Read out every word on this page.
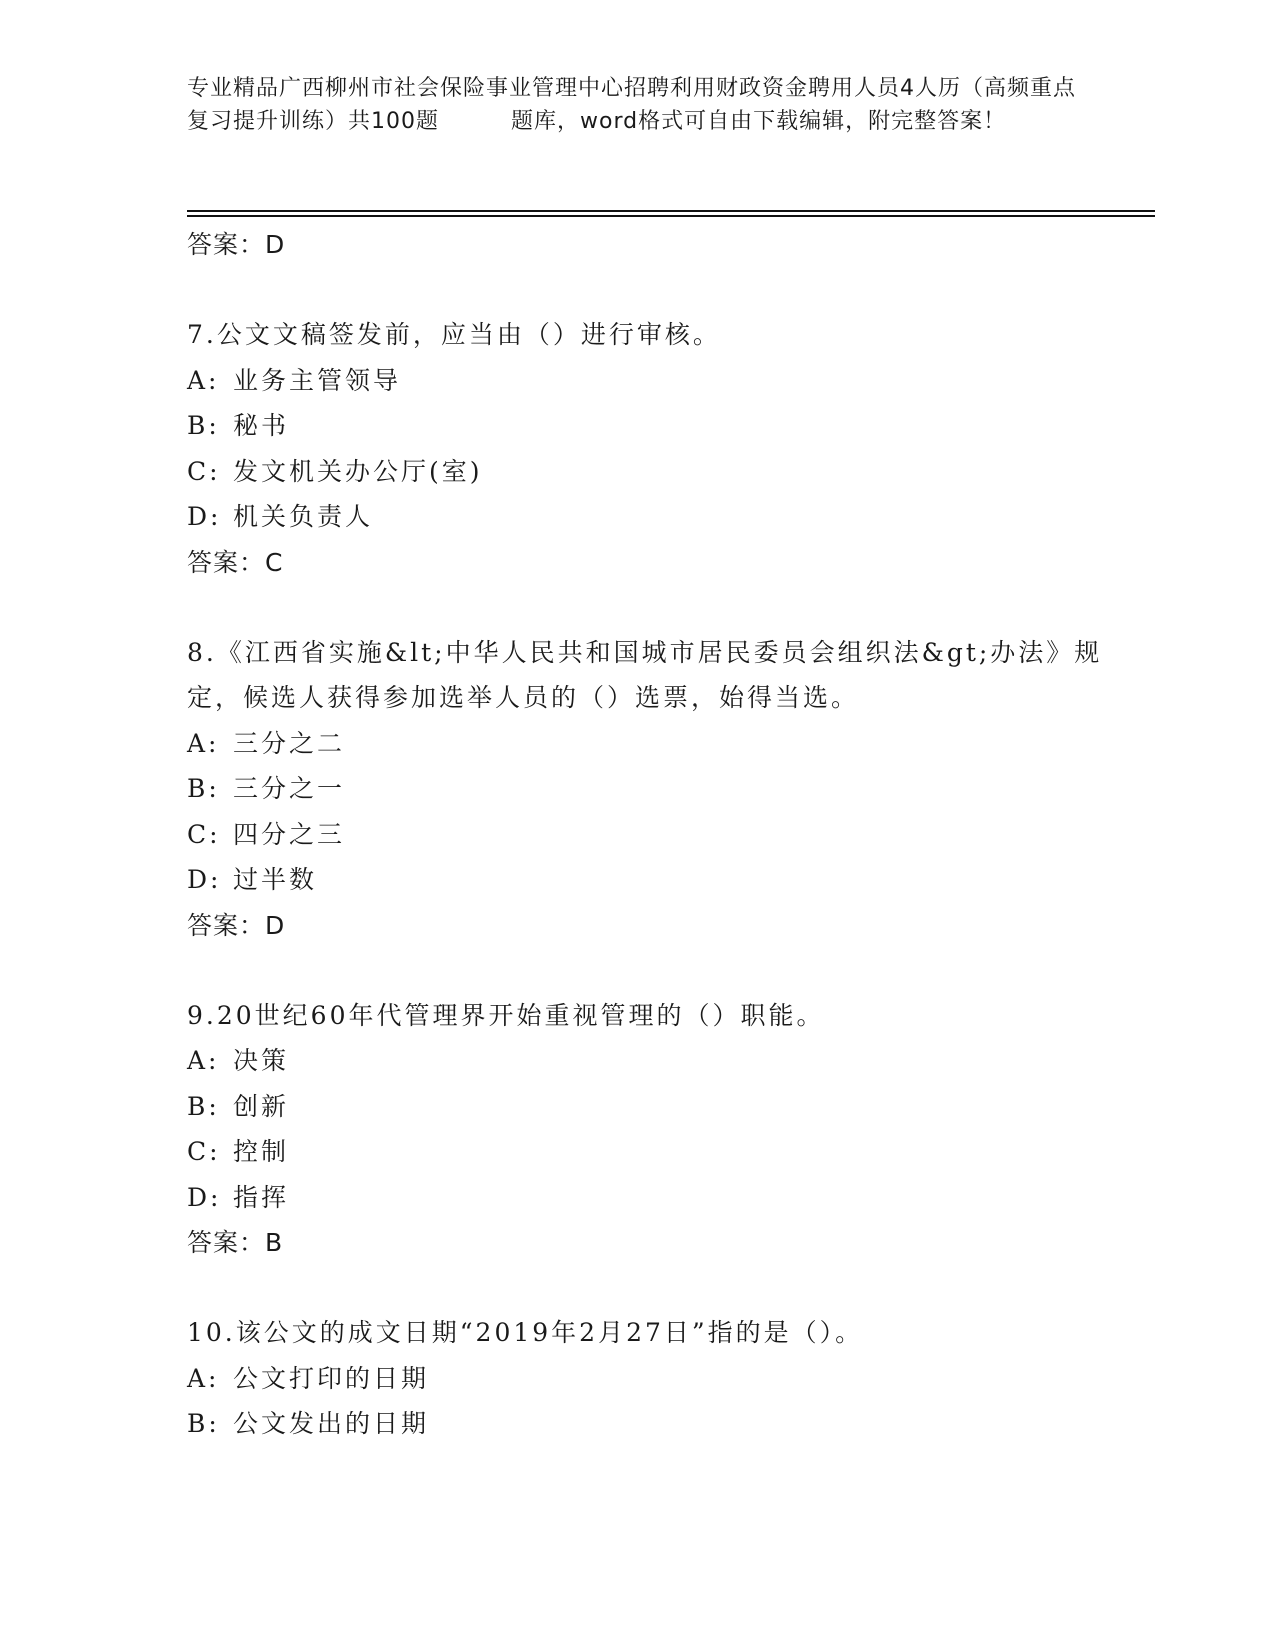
专业精品广西柳州市社会保险事业管理中心招聘利用财政资金聘用人员4人历（高频重点复习提升训练）共100题	题库，word格式可自由下载编辑，附完整答案！

答案：D

7.公文文稿签发前，应当由（）进行审核。

A: 业务主管领导

B: 秘书

C: 发文机关办公厅(室)

D: 机关负责人

答案：C

8.《江西省实施&lt;中华人民共和国城市居民委员会组织法&gt;办法》规定，候选人获得参加选举人员的（）选票，始得当选。

A: 三分之二

B: 三分之一

C: 四分之三

D: 过半数

答案：D

9.20世纪60年代管理界开始重视管理的（）职能。

A: 决策

B: 创新

C: 控制

D: 指挥

答案：B

10.该公文的成文日期“2019年2月27日”指的是（）。

A: 公文打印的日期

B: 公文发出的日期
